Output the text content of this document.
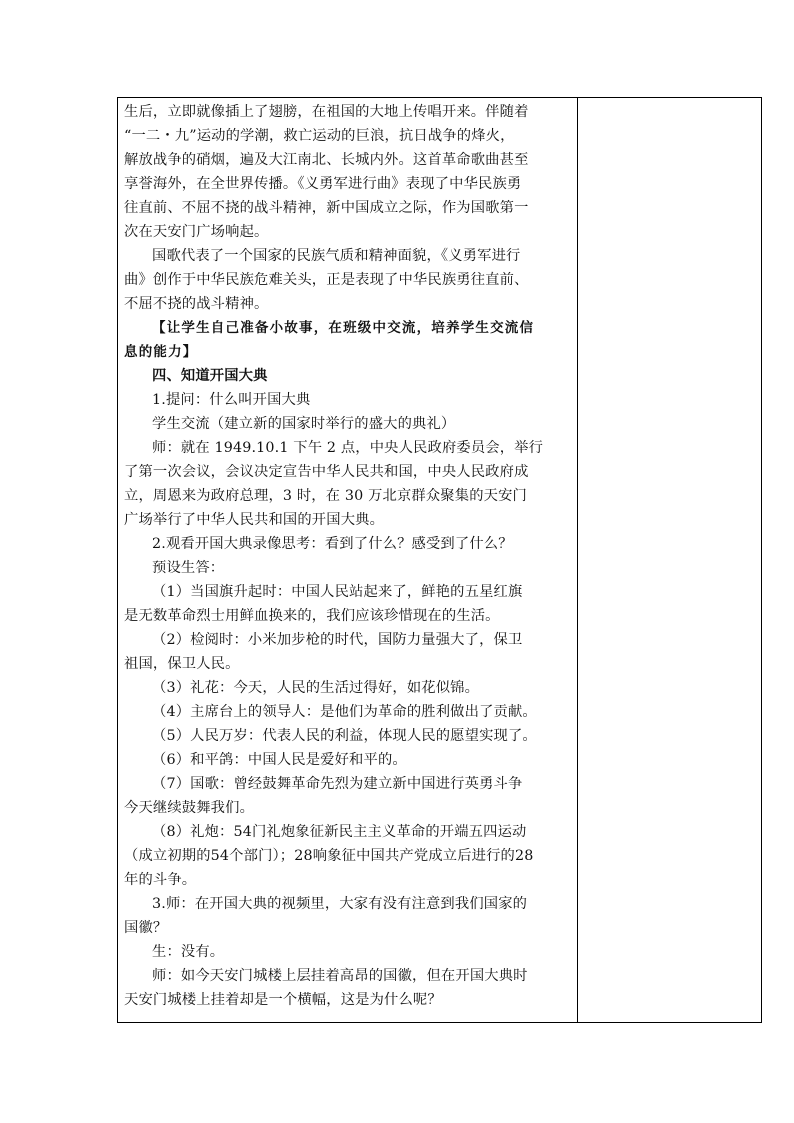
生后，立即就像插上了翅膀，在祖国的大地上传唱开来。伴随着
“一二・九”运动的学潮，救亡运动的巨浪，抗日战争的烽火，
解放战争的硝烟，遍及大江南北、长城内外。这首革命歌曲甚至
享誉海外，在全世界传播。《义勇军进行曲》表现了中华民族勇
往直前、不屈不挠的战斗精神，新中国成立之际，作为国歌第一
次在天安门广场响起。
国歌代表了一个国家的民族气质和精神面貌，《义勇军进行
曲》创作于中华民族危难关头，正是表现了中华民族勇往直前、
不屈不挠的战斗精神。
【让学生自己准备小故事，在班级中交流，培养学生交流信
息的能力】
四、知道开国大典
1.提问：什么叫开国大典
学生交流（建立新的国家时举行的盛大的典礼）
师：就在 1949.10.1 下午 2 点，中央人民政府委员会，举行
了第一次会议，会议决定宣告中华人民共和国，中央人民政府成
立，周恩来为政府总理，3 时，在 30 万北京群众聚集的天安门
广场举行了中华人民共和国的开国大典。
2.观看开国大典录像思考：看到了什么？感受到了什么？
预设生答：
（1）当国旗升起时：中国人民站起来了，鲜艳的五星红旗
是无数革命烈士用鲜血换来的，我们应该珍惜现在的生活。
（2）检阅时：小米加步枪的时代，国防力量强大了，保卫
祖国，保卫人民。
（3）礼花：今天，人民的生活过得好，如花似锦。
（4）主席台上的领导人：是他们为革命的胜利做出了贡献。
（5）人民万岁：代表人民的利益，体现人民的愿望实现了。
（6）和平鸽：中国人民是爱好和平的。
（7）国歌：曾经鼓舞革命先烈为建立新中国进行英勇斗争
今天继续鼓舞我们。
（8）礼炮：54门礼炮象征新民主主义革命的开端五四运动
（成立初期的54个部门）；28响象征中国共产党成立后进行的28
年的斗争。
3.师：在开国大典的视频里，大家有没有注意到我们国家的
国徽？
生：没有。
师：如今天安门城楼上层挂着高昂的国徽，但在开国大典时
天安门城楼上挂着却是一个横幅，这是为什么呢？
